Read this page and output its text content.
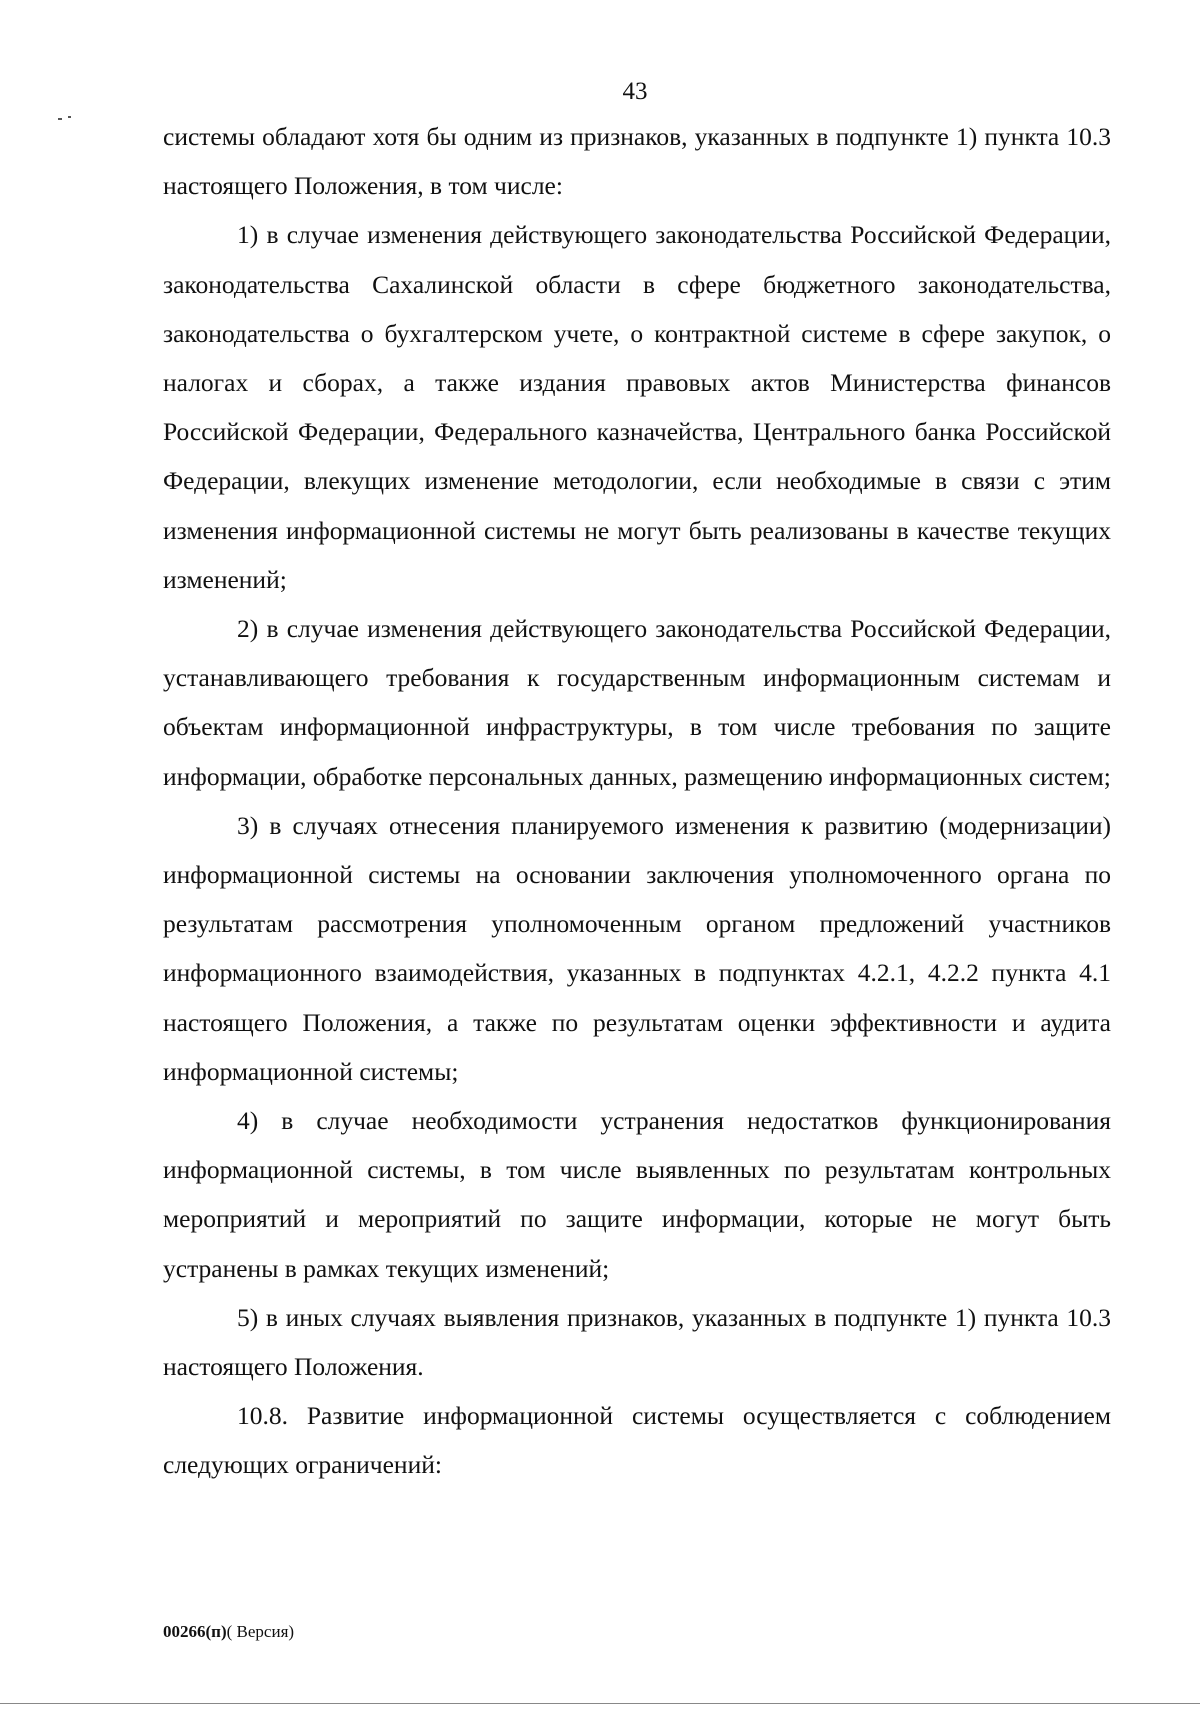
43

системы обладают хотя бы одним из признаков, указанных в подпункте 1) пункта 10.3 настоящего Положения, в том числе:

1) в случае изменения действующего законодательства Российской Федерации, законодательства Сахалинской области в сфере бюджетного законодательства, законодательства о бухгалтерском учете, о контрактной системе в сфере закупок, о налогах и сборах, а также издания правовых актов Министерства финансов Российской Федерации, Федерального казначейства, Центрального банка Российской Федерации, влекущих изменение методологии, если необходимые в связи с этим изменения информационной системы не могут быть реализованы в качестве текущих изменений;

2) в случае изменения действующего законодательства Российской Федерации, устанавливающего требования к государственным информационным системам и объектам информационной инфраструктуры, в том числе требования по защите информации, обработке персональных данных, размещению информационных систем;

3) в случаях отнесения планируемого изменения к развитию (модернизации) информационной системы на основании заключения уполномоченного органа по результатам рассмотрения уполномоченным органом предложений участников информационного взаимодействия, указанных в подпунктах 4.2.1, 4.2.2 пункта 4.1 настоящего Положения, а также по результатам оценки эффективности и аудита информационной системы;

4) в случае необходимости устранения недостатков функционирования информационной системы, в том числе выявленных по результатам контрольных мероприятий и мероприятий по защите информации, которые не могут быть устранены в рамках текущих изменений;

5) в иных случаях выявления признаков, указанных в подпункте 1) пункта 10.3 настоящего Положения.

10.8. Развитие информационной системы осуществляется с соблюдением следующих ограничений:

00266(п)( Версия)
